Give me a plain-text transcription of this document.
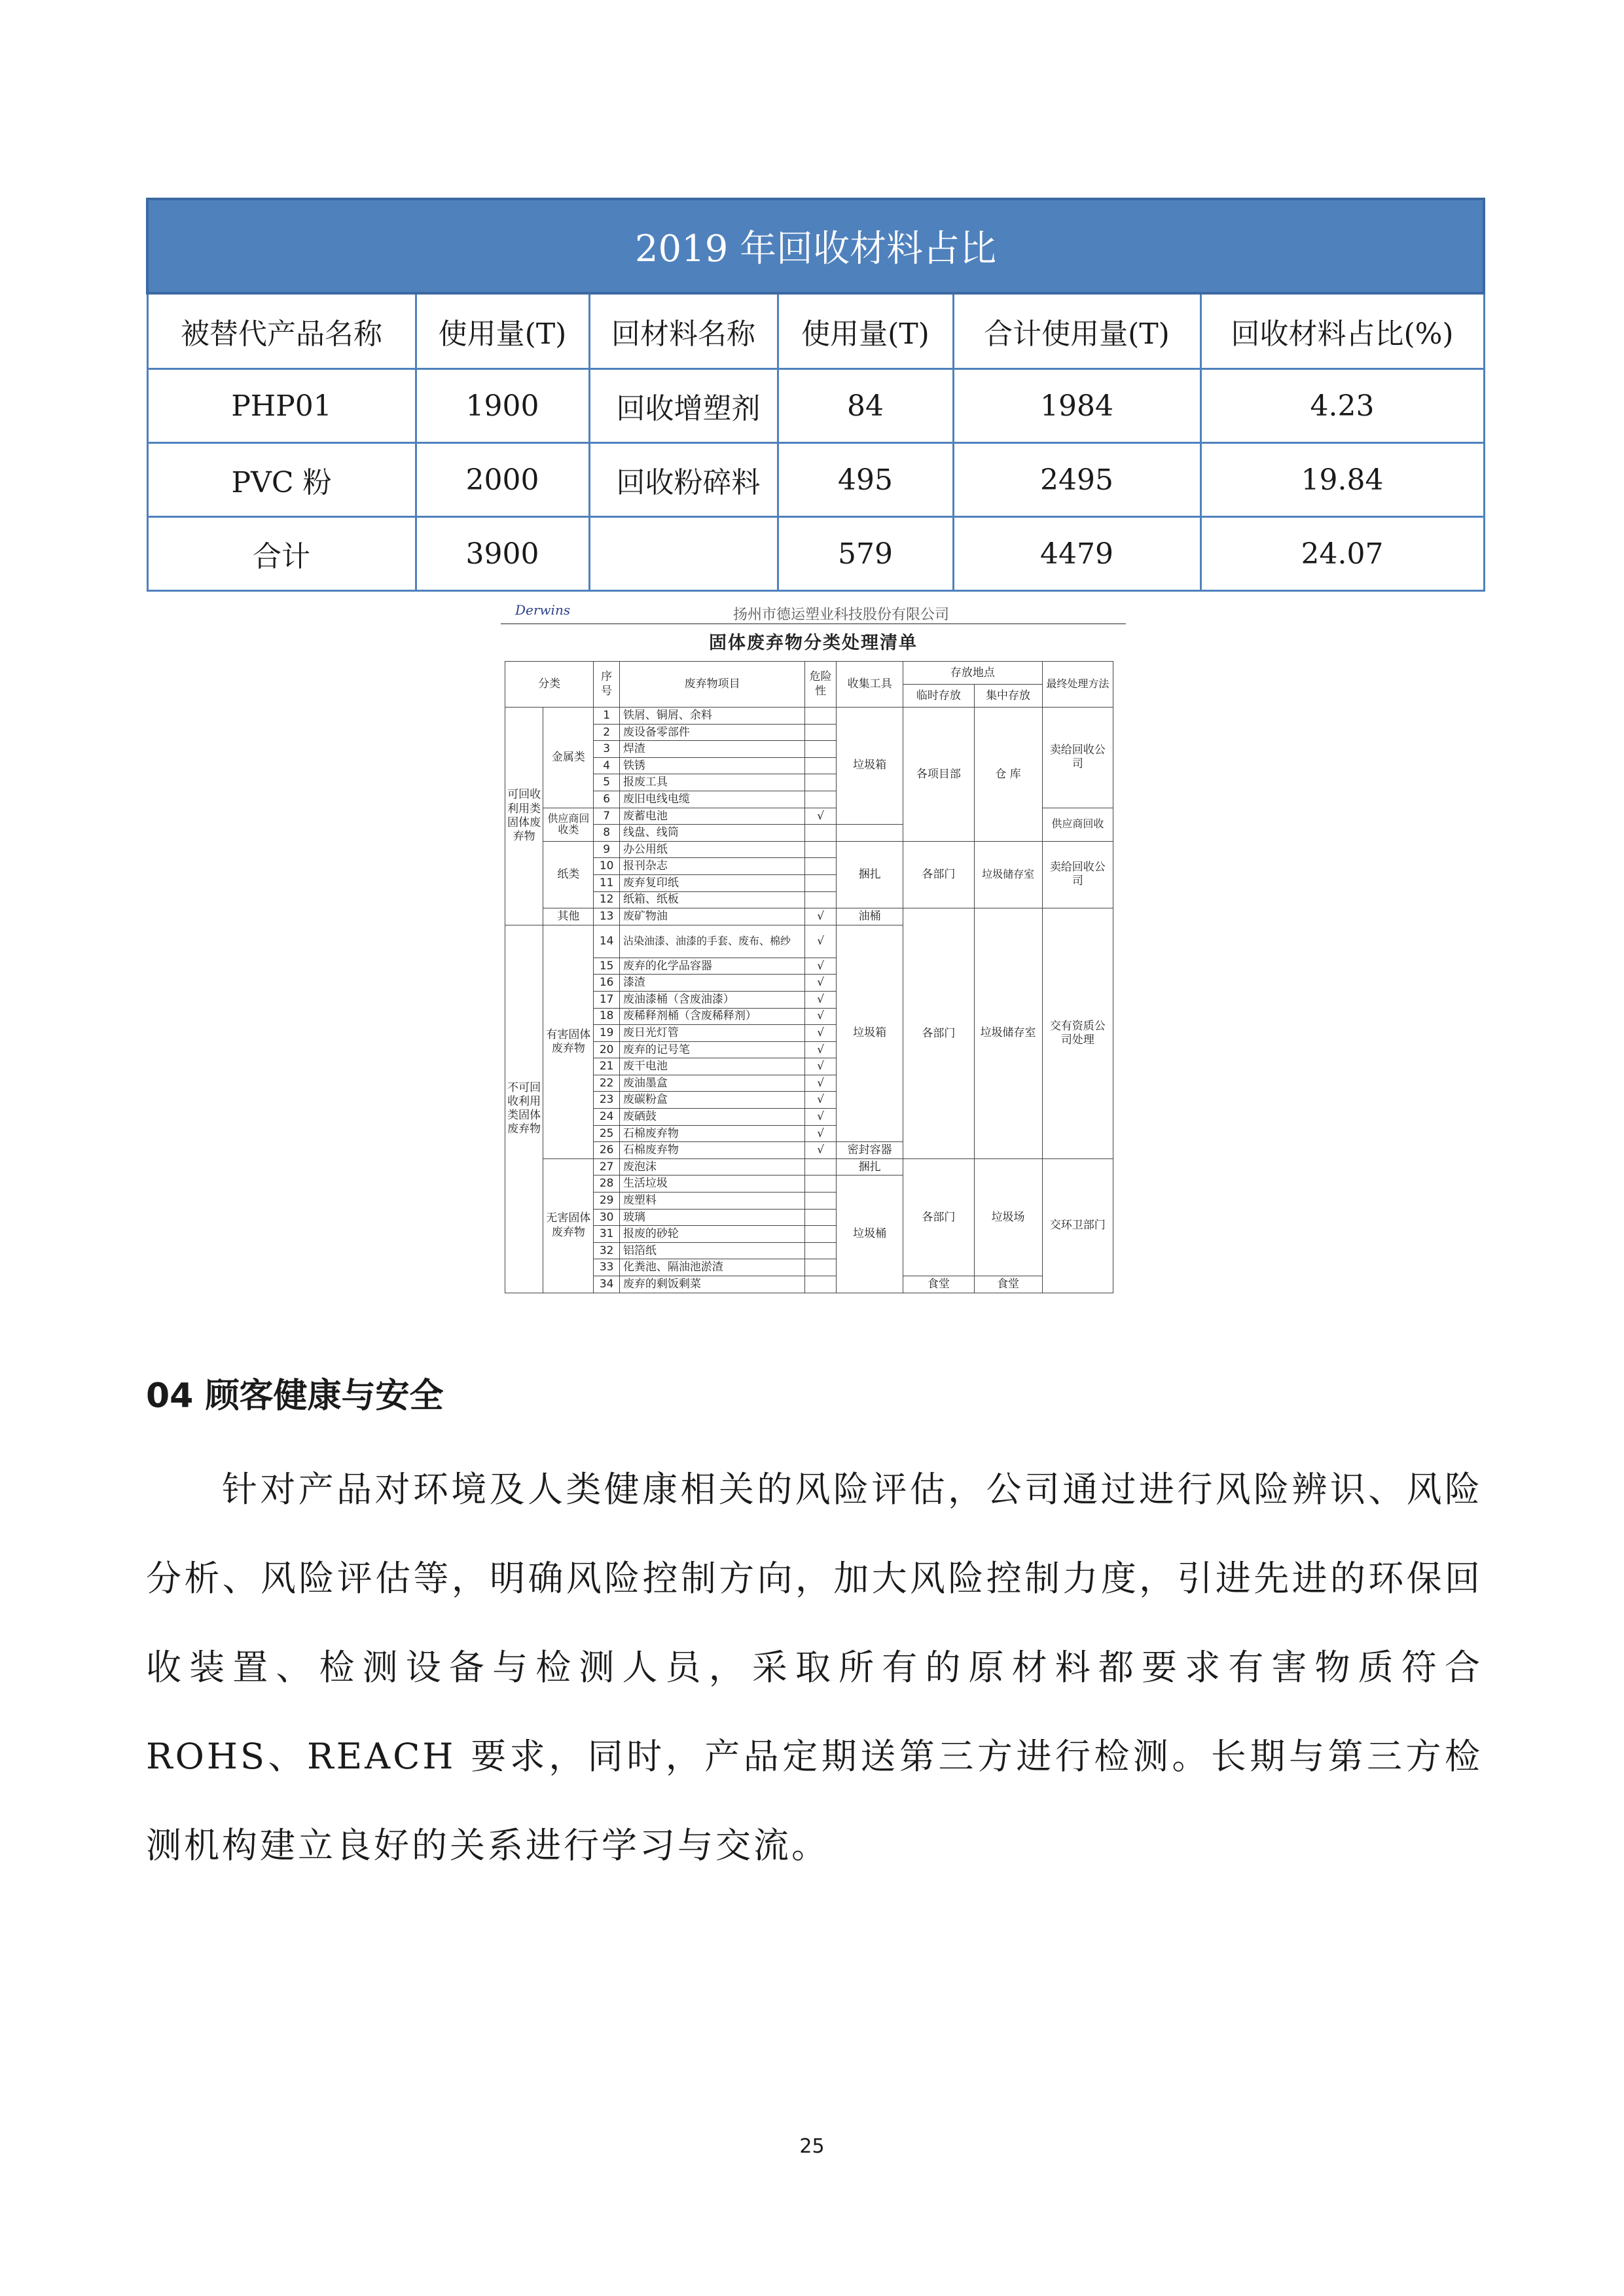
2019 年回收材料占比					
被替代产品名称	使用量(T)	回材料名称	使用量(T)	合计使用量(T)	回收材料占比(%)
PHP01	1900	回收增塑剂	84	1984	4.23
PVC 粉	2000	回收粉碎料	495	2495	19.84
合计	3900		579	4479	24.07
Derwins	扬州市德运塑业科技股份有限公司
固体废弃物分类处理清单
分类		序号	废弃物项目	危险性	收集工具	存放地点		最终处理方法
						临时存放	集中存放	
可回收利用类固体废弃物	金属类	1	铁屑、铜屑、余料		垃圾箱	各项目部	仓 库	卖给回收公司
		2	废设备零部件					
		3	焊渣					
		4	铁锈					
		5	报废工具					
		6	废旧电线电缆					
	供应商回收类	7	废蓄电池	√				供应商回收
		8	线盘、线筒					
	纸类	9	办公用纸		捆扎	各部门	垃圾储存室	卖给回收公司
		10	报刊杂志					
		11	废弃复印纸					
		12	纸箱、纸板					
	其他	13	废矿物油	√	油桶	各部门	垃圾储存室	交有资质公司处理
不可回收利用类固体废弃物	有害固体废弃物	14	沾染油漆、油漆的手套、废布、棉纱	√	垃圾箱			
		15	废弃的化学品容器	√				
		16	漆渣	√				
		17	废油漆桶（含废油漆）	√				
		18	废稀释剂桶（含废稀释剂）	√				
		19	废日光灯管	√				
		20	废弃的记号笔	√				
		21	废干电池	√				
		22	废油墨盒	√				
		23	废碳粉盒	√				
		24	废硒鼓	√				
		25	石棉废弃物	√				
		26	石棉废弃物	√	密封容器			
	无害固体废弃物	27	废泡沫		捆扎	各部门	垃圾场	交环卫部门
		28	生活垃圾		垃圾桶			
		29	废塑料					
		30	玻璃					
		31	报废的砂轮					
		32	铝箔纸					
		33	化粪池、隔油池淤渣					
		34	废弃的剩饭剩菜			食堂	食堂	
04 顾客健康与安全

针对产品对环境及人类健康相关的风险评估，公司通过进行风险辨识、风险分析、风险评估等，明确风险控制方向，加大风险控制力度，引进先进的环保回收装置、检测设备与检测人员，采取所有的原材料都要求有害物质符合 ROHS、REACH 要求，同时，产品定期送第三方进行检测。长期与第三方检测机构建立良好的关系进行学习与交流。

25
